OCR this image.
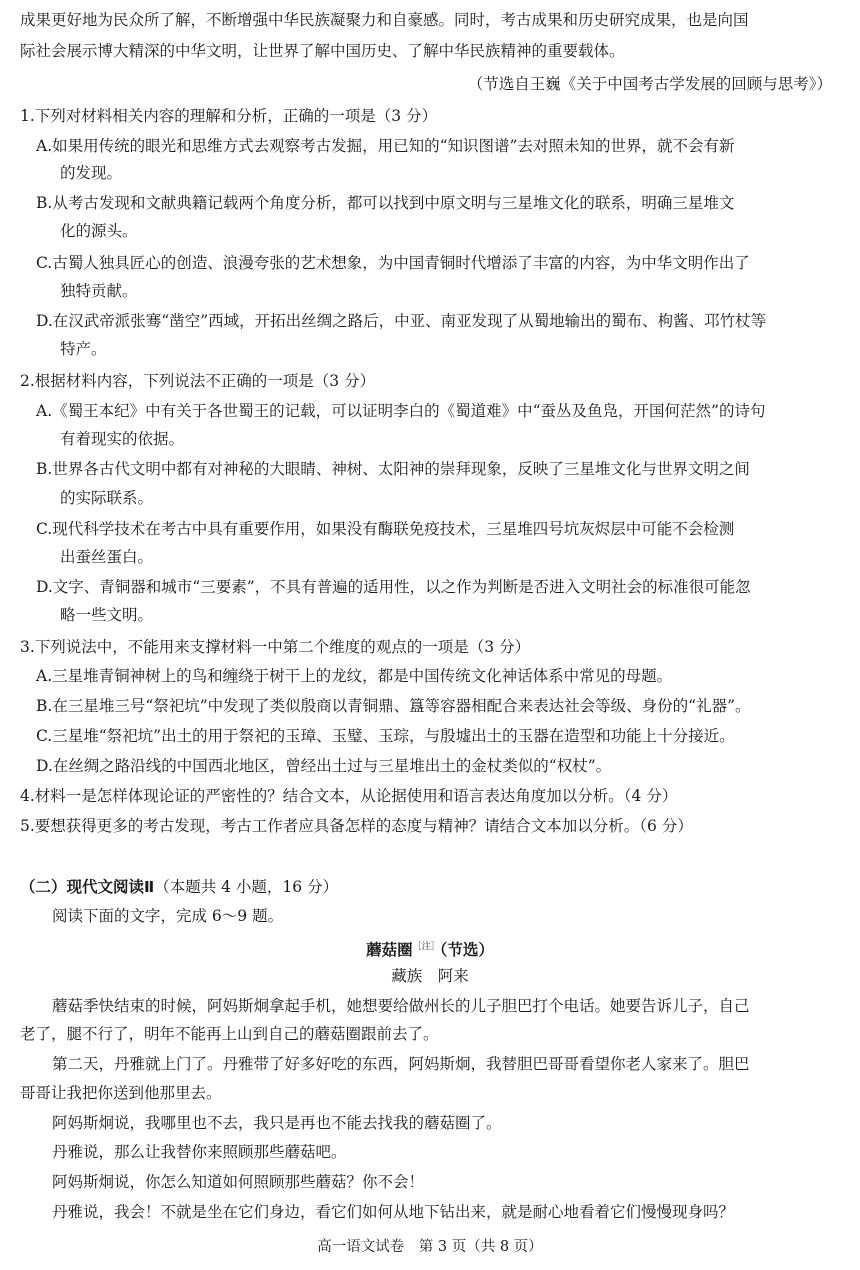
成果更好地为民众所了解，不断增强中华民族凝聚力和自豪感。同时，考古成果和历史研究成果，也是向国
际社会展示博大精深的中华文明，让世界了解中国历史、了解中华民族精神的重要载体。
（节选自王巍《关于中国考古学发展的回顾与思考》）
1.下列对材料相关内容的理解和分析，正确的一项是（3 分）
A.如果用传统的眼光和思维方式去观察考古发掘，用已知的“知识图谱”去对照未知的世界，就不会有新
的发现。
B.从考古发现和文献典籍记载两个角度分析，都可以找到中原文明与三星堆文化的联系，明确三星堆文
化的源头。
C.古蜀人独具匠心的创造、浪漫夸张的艺术想象，为中国青铜时代增添了丰富的内容，为中华文明作出了
独特贡献。
D.在汉武帝派张骞“凿空”西域，开拓出丝绸之路后，中亚、南亚发现了从蜀地输出的蜀布、枸酱、邛竹杖等
特产。
2.根据材料内容，下列说法不正确的一项是（3 分）
A.《蜀王本纪》中有关于各世蜀王的记载，可以证明李白的《蜀道难》中“蚕丛及鱼凫，开国何茫然”的诗句
有着现实的依据。
B.世界各古代文明中都有对神秘的大眼睛、神树、太阳神的崇拜现象，反映了三星堆文化与世界文明之间
的实际联系。
C.现代科学技术在考古中具有重要作用，如果没有酶联免疫技术，三星堆四号坑灰烬层中可能不会检测
出蚕丝蛋白。
D.文字、青铜器和城市“三要素”，不具有普遍的适用性，以之作为判断是否进入文明社会的标准很可能忽
略一些文明。
3.下列说法中，不能用来支撑材料一中第二个维度的观点的一项是（3 分）
A.三星堆青铜神树上的鸟和缠绕于树干上的龙纹，都是中国传统文化神话体系中常见的母题。
B.在三星堆三号“祭祀坑”中发现了类似殷商以青铜鼎、簋等容器相配合来表达社会等级、身份的“礼器”。
C.三星堆“祭祀坑”出土的用于祭祀的玉璋、玉璧、玉琮，与殷墟出土的玉器在造型和功能上十分接近。
D.在丝绸之路沿线的中国西北地区，曾经出土过与三星堆出土的金杖类似的“权杖”。
4.材料一是怎样体现论证的严密性的？结合文本，从论据使用和语言表达角度加以分析。（4 分）
5.要想获得更多的考古发现，考古工作者应具备怎样的态度与精神？请结合文本加以分析。（6 分）
（二）现代文阅读Ⅱ（本题共 4 小题，16 分）
阅读下面的文字，完成 6～9 题。
蘑菇圈$^{[注]}$（节选）
藏族　阿来
蘑菇季快结束的时候，阿妈斯炯拿起手机，她想要给做州长的儿子胆巴打个电话。她要告诉儿子，自己
老了，腿不行了，明年不能再上山到自己的蘑菇圈跟前去了。
第二天，丹雅就上门了。丹雅带了好多好吃的东西，阿妈斯炯，我替胆巴哥哥看望你老人家来了。胆巴
哥哥让我把你送到他那里去。
阿妈斯炯说，我哪里也不去，我只是再也不能去找我的蘑菇圈了。
丹雅说，那么让我替你来照顾那些蘑菇吧。
阿妈斯炯说，你怎么知道如何照顾那些蘑菇？你不会！
丹雅说，我会！不就是坐在它们身边，看它们如何从地下钻出来，就是耐心地看着它们慢慢现身吗？
高一语文试卷　第 3 页（共 8 页）
